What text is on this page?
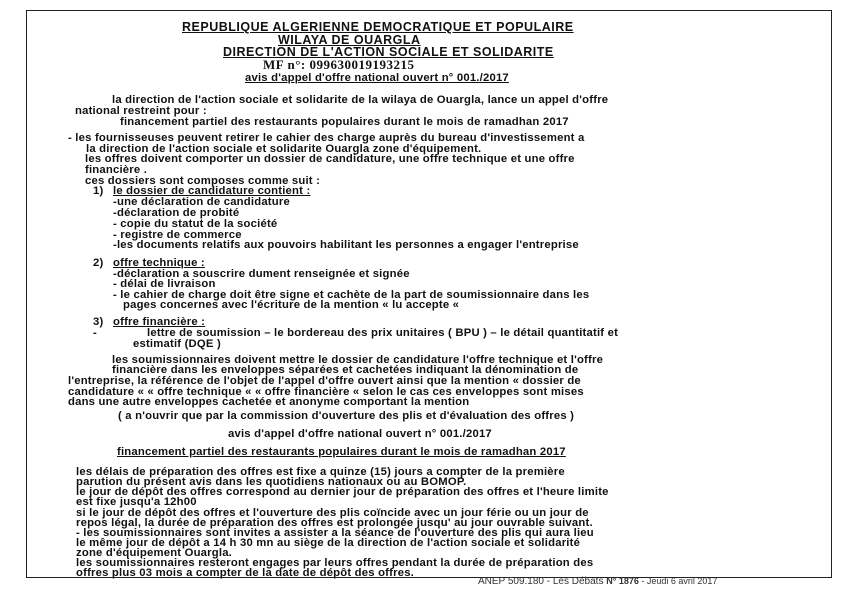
REPUBLIQUE ALGERIENNE DEMOCRATIQUE ET POPULAIRE
WILAYA DE OUARGLA
DIRECTION DE L'ACTION SOCIALE ET SOLIDARITE
MF n°: 099630019193215
avis d'appel d'offre national ouvert n° 001./2017
la direction de l'action sociale et solidarite de la wilaya de Ouargla, lance un appel d'offre
national restreint pour :
financement partiel des restaurants populaires durant le mois de ramadhan 2017
- les fournisseuses peuvent retirer le cahier des charge auprès du bureau d'investissement a
la direction de l'action sociale et solidarite Ouargla zone d'équipement.
les offres doivent comporter un dossier de candidature, une offre technique et une offre
financière .
ces dossiers sont composes comme suit :
1) le dossier de candidature contient :
-une déclaration de candidature
-déclaration de probité
- copie du statut de la société
- registre de commerce
-les documents relatifs aux pouvoirs habilitant les personnes a engager l'entreprise
2) offre technique :
-déclaration a souscrire dument renseignée et signée
- délai de livraison
- le cahier de charge doit être signe et cachète de la part de soumissionnaire dans les
pages concernes avec l'écriture de la mention « lu accepte «
3) offre financière :
-	lettre de soumission – le bordereau des prix unitaires ( BPU ) – le détail quantitatif et
estimatif (DQE )
les soumissionnaires doivent mettre le dossier de candidature l'offre technique et l'offre
financière dans les enveloppes séparées et cachetées indiquant la dénomination de
l'entreprise, la référence de l'objet de l'appel d'offre ouvert ainsi que la mention « dossier de
candidature « « offre technique « « offre financière « selon le cas ces enveloppes sont mises
dans une autre enveloppes cachetée et anonyme comportant la mention
( a n'ouvrir que par la commission d'ouverture des plis et d'évaluation des offres )
avis d'appel d'offre national ouvert n° 001./2017
financement partiel des restaurants populaires durant le mois de ramadhan 2017
les délais de préparation des offres est fixe a quinze (15) jours a compter de la première
parution du présent avis dans les quotidiens nationaux ou au BOMOP.
le jour de dépôt des offres correspond au dernier jour de préparation des offres et l'heure limite
est fixe jusqu'a 12h00
si le jour de dépôt des offres et l'ouverture des plis coïncide avec un jour férie ou un jour de
repos légal, la durée de préparation des offres est prolongée jusqu' au jour ouvrable suivant.
- les soumissionnaires sont invites a assister a la séance de l'ouverture des plis qui aura lieu
le même jour de dépôt a 14 h 30 mn au siège de la direction de l'action sociale et solidarité
zone d'équipement Ouargla.
les soumissionnaires resteront engages par leurs offres pendant la durée de préparation des
offres plus 03 mois a compter de la date de dépôt des offres.
ANEP 509.180 - Les Débats N° 1876 - Jeudi 6 avril 2017
